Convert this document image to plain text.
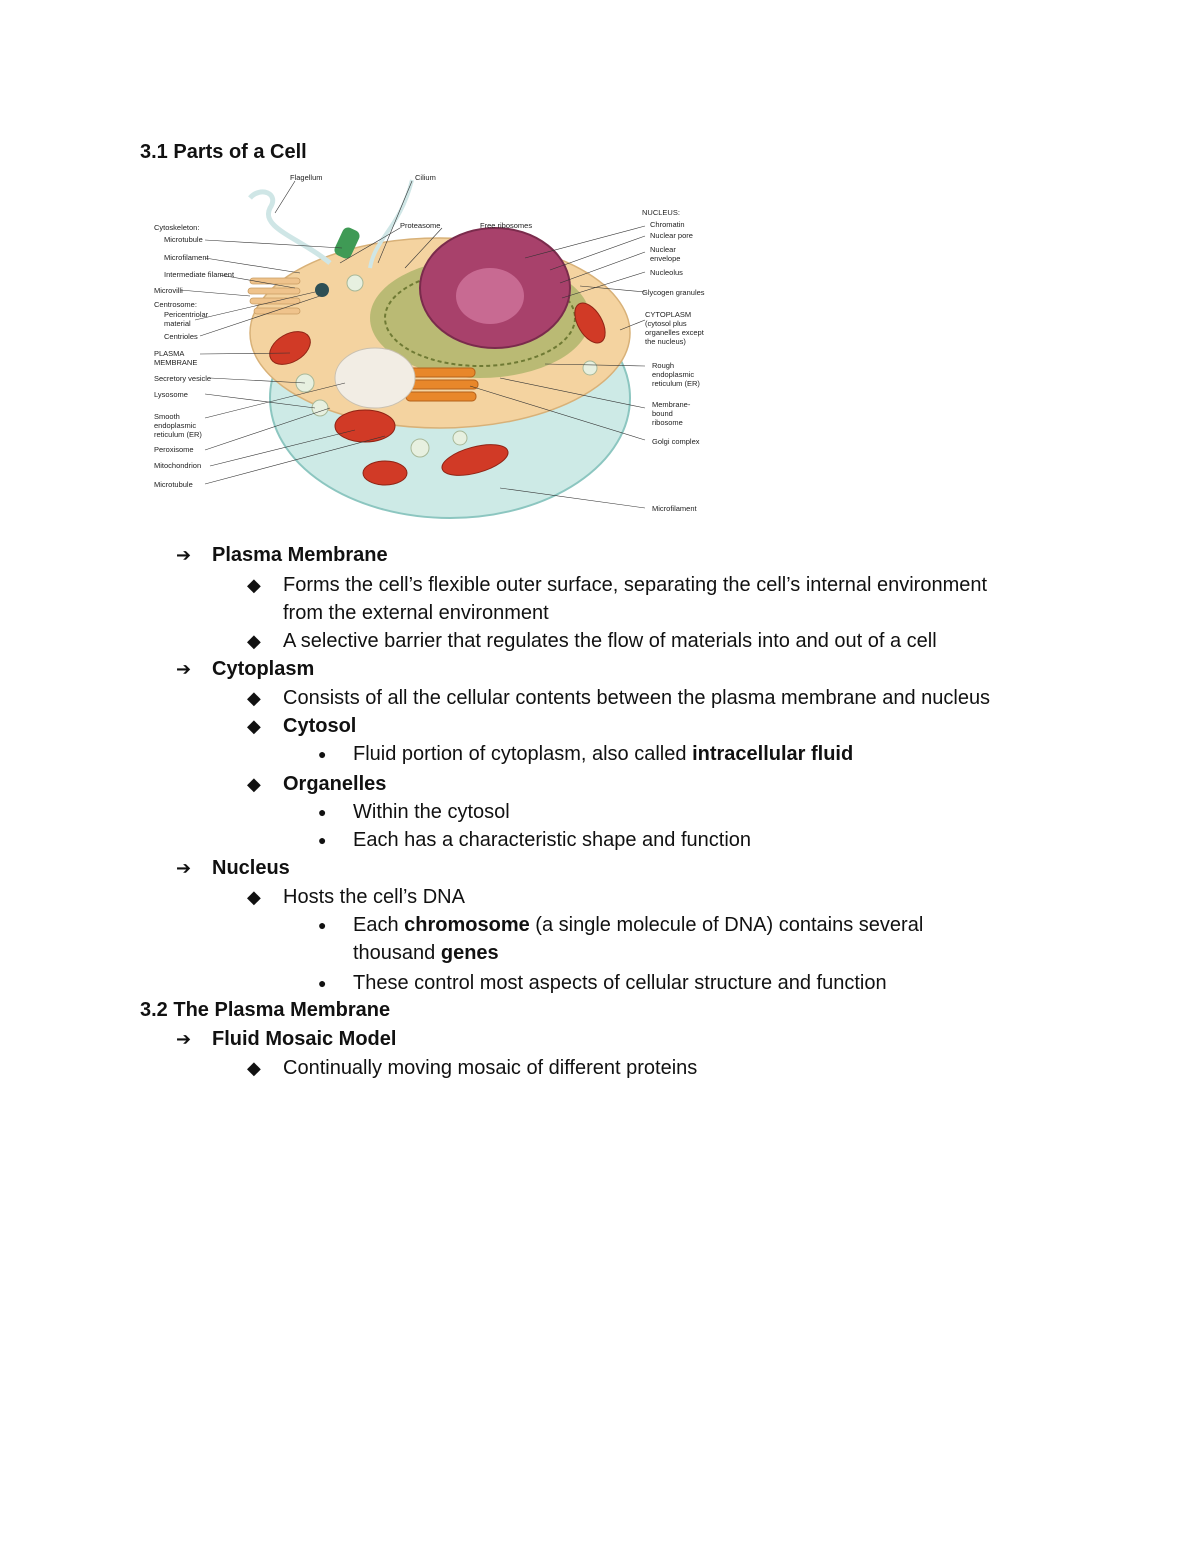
3.1 Parts of a Cell
Flagellum	Cilium
Cytoskeleton:
Microtubule
Microfilament
Intermediate filament
Microvilli
Centrosome:
Pericentriolar
material
Centrioles
PLASMA
MEMBRANE
Secretory vesicle
Lysosome
Smooth
endoplasmic
reticulum (ER)
Peroxisome
Mitochondrion
Microtubule
Proteasome	Free ribosomes
NUCLEUS:
Chromatin
Nuclear pore
Nuclear
envelope
Nucleolus
Glycogen granules
CYTOPLASM
(cytosol plus
organelles except
the nucleus)
Rough
endoplasmic
reticulum (ER)
Membrane-
bound
ribosome
Golgi complex
Microfilament
➔ Plasma Membrane
◆ Forms the cell’s flexible outer surface, separating the cell’s internal environment
from the external environment
◆ A selective barrier that regulates the flow of materials into and out of a cell
➔ Cytoplasm
◆ Consists of all the cellular contents between the plasma membrane and nucleus
◆ Cytosol
● Fluid portion of cytoplasm, also called intracellular fluid
◆ Organelles
● Within the cytosol
● Each has a characteristic shape and function
➔ Nucleus
◆ Hosts the cell’s DNA
● Each chromosome (a single molecule of DNA) contains several
thousand genes
● These control most aspects of cellular structure and function
3.2 The Plasma Membrane
➔ Fluid Mosaic Model
◆ Continually moving mosaic of different proteins
